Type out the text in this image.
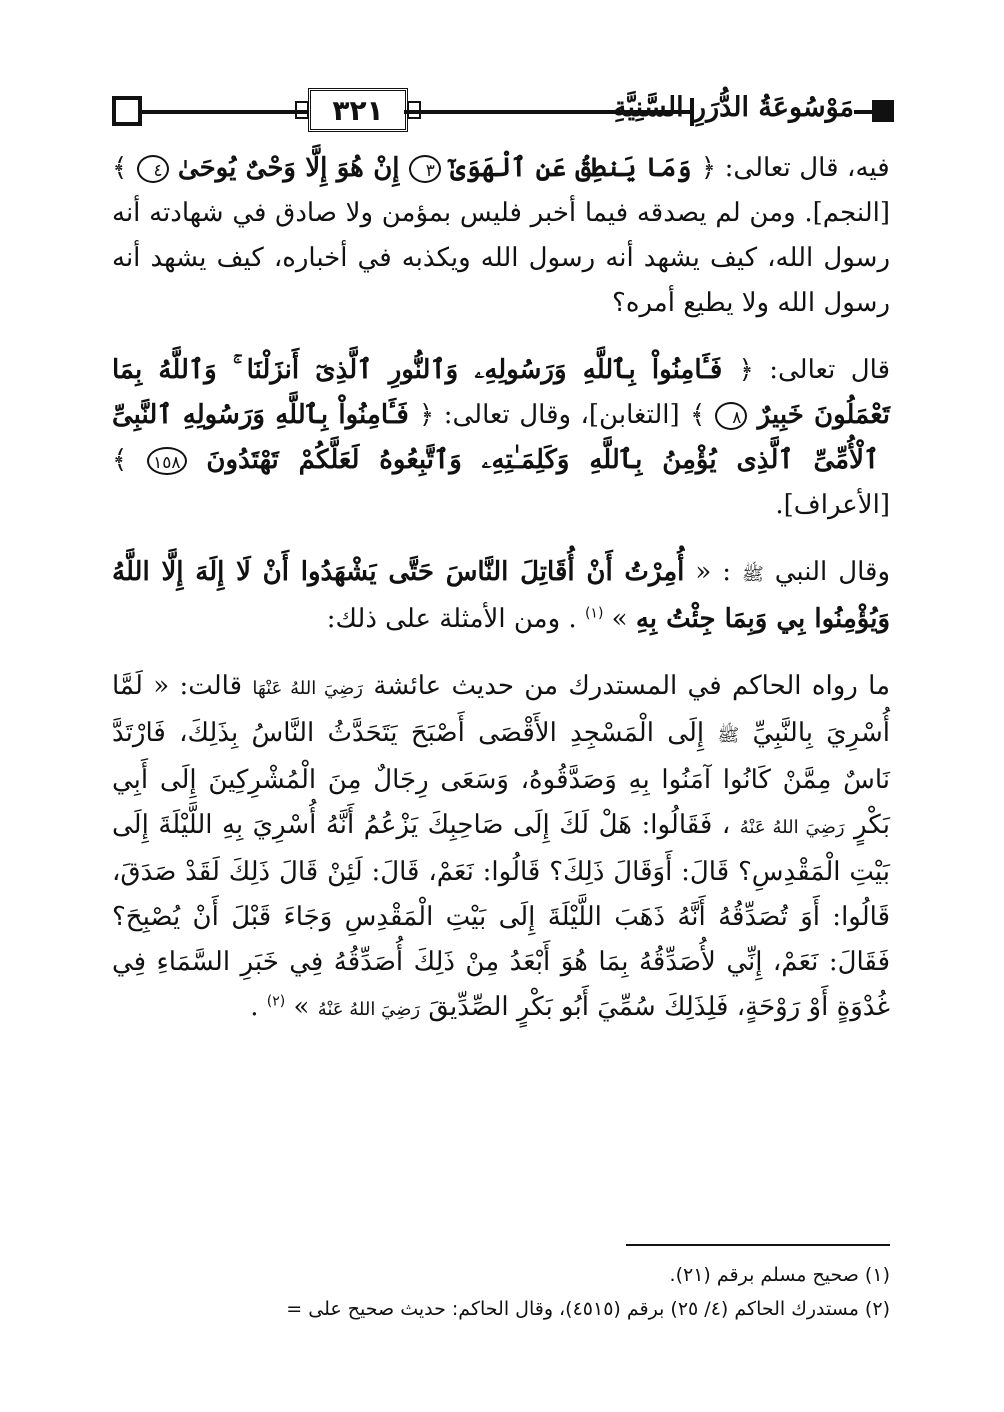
٣٢١	مَوْسُوعَةُ الدُّرَرِ السَّنِيَّةِ

فيه، قال تعالى: ﴿ وَمَا يَنطِقُ عَنِ ٱلْهَوَىٰٓ ٣ إِنْ هُوَ إِلَّا وَحْىٌ يُوحَىٰ ٤ ﴾ [النجم]. ومن لم يصدقه فيما أخبر فليس بمؤمن ولا صادق في شهادته أنه رسول الله، كيف يشهد أنه رسول الله ويكذبه في أخباره، كيف يشهد أنه رسول الله ولا يطيع أمره؟

قال تعالى: ﴿ فَـَٔامِنُواْ بِٱللَّهِ وَرَسُولِهِۦ وَٱلنُّورِ ٱلَّذِىٓ أَنزَلْنَا ۚ وَٱللَّهُ بِمَا تَعْمَلُونَ خَبِيرٌ ٨ ﴾ [التغابن]، وقال تعالى: ﴿ فَـَٔامِنُواْ بِٱللَّهِ وَرَسُولِهِ ٱلنَّبِىِّ ٱلْأُمِّىِّ ٱلَّذِى يُؤْمِنُ بِٱللَّهِ وَكَلِمَـٰتِهِۦ وَٱتَّبِعُوهُ لَعَلَّكُمْ تَهْتَدُونَ ١٥٨ ﴾ [الأعراف].

وقال النبي ﷺ : « أُمِرْتُ أَنْ أُقَاتِلَ النَّاسَ حَتَّى يَشْهَدُوا أَنْ لَا إِلَهَ إِلَّا اللَّهُ وَيُؤْمِنُوا بِي وَبِمَا جِئْتُ بِهِ » $^{(١)}$ . ومن الأمثلة على ذلك:

ما رواه الحاكم في المستدرك من حديث عائشة رَضِيَ اللهُ عَنْهَا قالت: « لَمَّا أُسْرِيَ بِالنَّبِيِّ ﷺ إِلَى الْمَسْجِدِ الأَقْصَى أَصْبَحَ يَتَحَدَّثُ النَّاسُ بِذَلِكَ، فَارْتَدَّ نَاسٌ مِمَّنْ كَانُوا آمَنُوا بِهِ وَصَدَّقُوهُ، وَسَعَى رِجَالٌ مِنَ الْمُشْرِكِينَ إِلَى أَبِي بَكْرٍ رَضِيَ اللهُ عَنْهُ ، فَقَالُوا: هَلْ لَكَ إِلَى صَاحِبِكَ يَزْعُمُ أَنَّهُ أُسْرِيَ بِهِ اللَّيْلَةَ إِلَى بَيْتِ الْمَقْدِسِ؟ قَالَ: أَوَقَالَ ذَلِكَ؟ قَالُوا: نَعَمْ، قَالَ: لَئِنْ قَالَ ذَلِكَ لَقَدْ صَدَقَ، قَالُوا: أَوَ تُصَدِّقُهُ أَنَّهُ ذَهَبَ اللَّيْلَةَ إِلَى بَيْتِ الْمَقْدِسِ وَجَاءَ قَبْلَ أَنْ يُصْبِحَ؟ فَقَالَ: نَعَمْ، إِنِّي لأُصَدِّقُهُ بِمَا هُوَ أَبْعَدُ مِنْ ذَلِكَ أُصَدِّقُهُ فِي خَبَرِ السَّمَاءِ فِي غُدْوَةٍ أَوْ رَوْحَةٍ، فَلِذَلِكَ سُمِّيَ أَبُو بَكْرٍ الصِّدِّيقَ رَضِيَ اللهُ عَنْهُ » $^{(٢)}$ .

(١) صحيح مسلم برقم (٢١).
(٢) مستدرك الحاكم (٤/ ٢٥) برقم (٤٥١٥)، وقال الحاكم: حديث صحيح على =
